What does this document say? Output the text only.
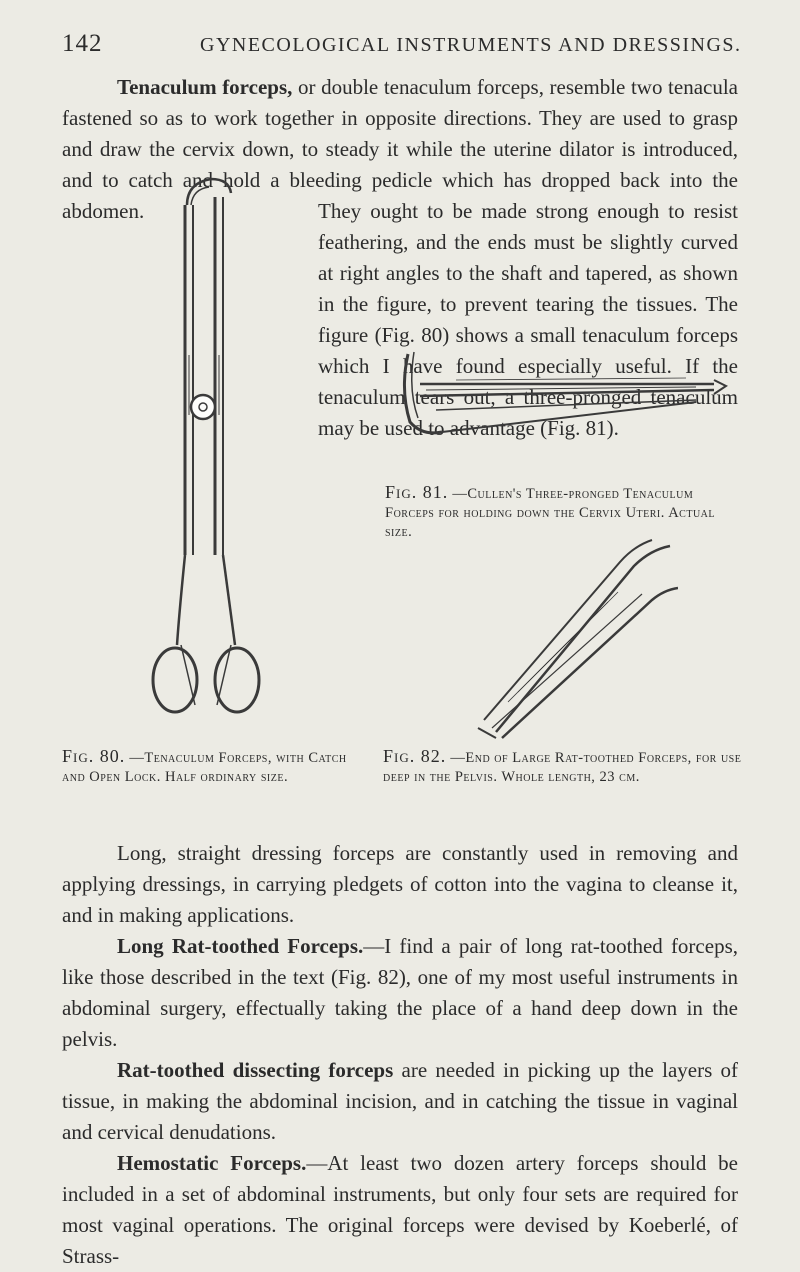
142	GYNECOLOGICAL INSTRUMENTS AND DRESSINGS.

Tenaculum forceps, or double tenaculum forceps, resemble two tenacula fastened so as to work together in opposite directions. They are used to grasp and draw the cervix down, to steady it while the uterine dilator is introduced, and to catch and hold a bleeding pedicle which has dropped back into the abdomen.	They ought to be made strong enough to resist feathering, and the ends must be slightly curved at right angles to the shaft and tapered, as shown in the figure, to prevent tearing the tissues. The figure (Fig. 80) shows a small tenaculum forceps which I have found especially useful. If the tenaculum tears out, a three-pronged tenaculum may be used to advantage (Fig. 81).

Fig. 81. —Cullen's Three-pronged Tenaculum Forceps for holding down the Cervix Uteri. Actual size.

Fig. 80. —Tenaculum Forceps, with Catch and Open Lock. Half ordinary size.

Fig. 82. —End of Large Rat-toothed Forceps, for use deep in the Pelvis. Whole length, 23 cm.

Long, straight dressing forceps are constantly used in removing and applying dressings, in carrying pledgets of cotton into the vagina to cleanse it, and in making applications.

Long Rat-toothed Forceps.—I find a pair of long rat-toothed forceps, like those described in the text (Fig. 82), one of my most useful instruments in abdominal surgery, effectually taking the place of a hand deep down in the pelvis.

Rat-toothed dissecting forceps are needed in picking up the layers of tissue, in making the abdominal incision, and in catching the tissue in vaginal and cervical denudations.

Hemostatic Forceps.—At least two dozen artery forceps should be included in a set of abdominal instruments, but only four sets are required for most vaginal operations. The original forceps were devised by Koeberlé, of Strass-
